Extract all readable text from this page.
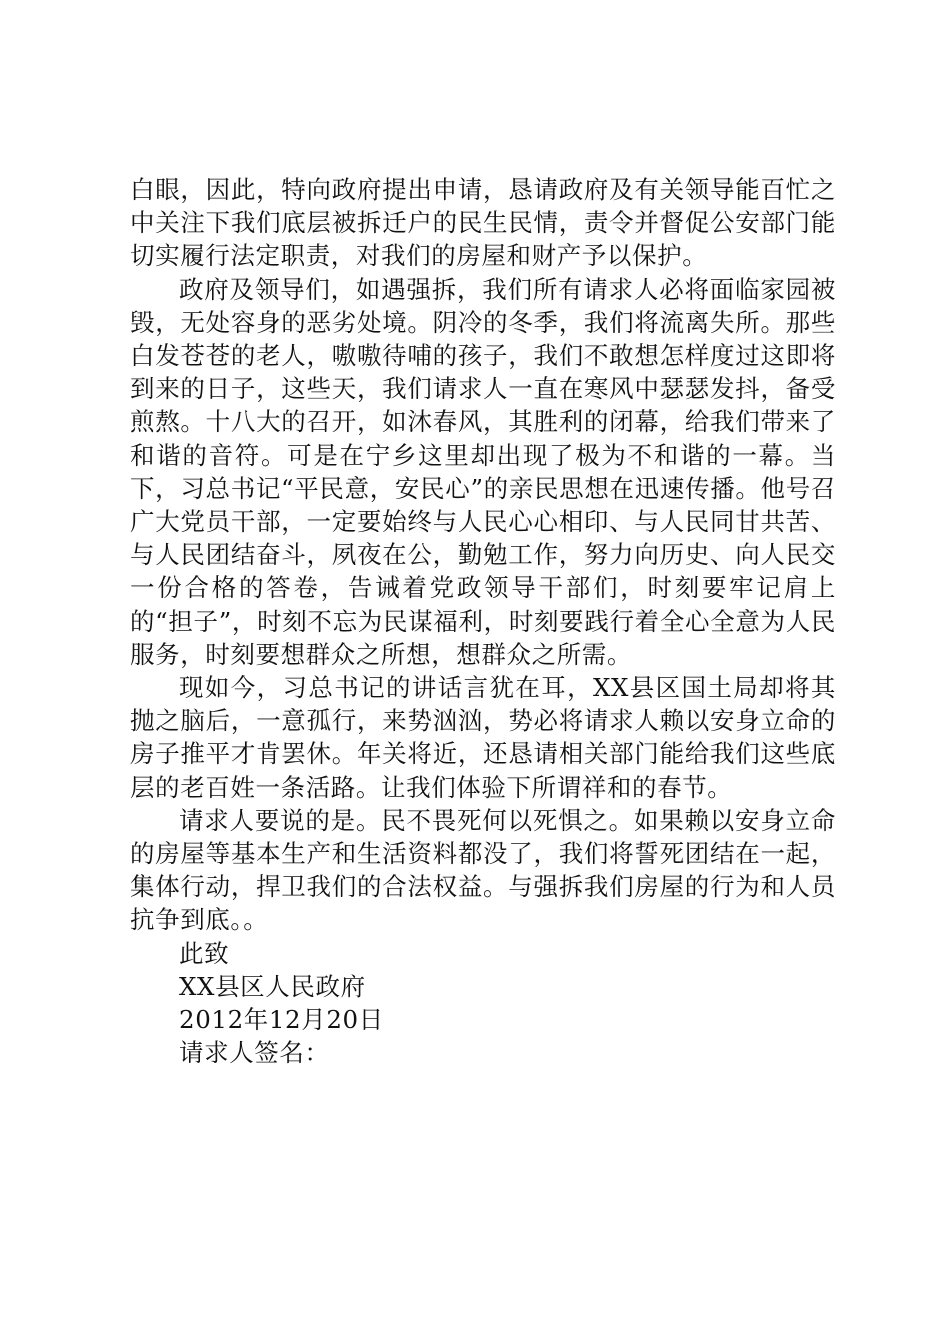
白眼，因此，特向政府提出申请，恳请政府及有关领导能百忙之中关注下我们底层被拆迁户的民生民情，责令并督促公安部门能切实履行法定职责，对我们的房屋和财产予以保护。

政府及领导们，如遇强拆，我们所有请求人必将面临家园被毁，无处容身的恶劣处境。阴冷的冬季，我们将流离失所。那些白发苍苍的老人，嗷嗷待哺的孩子，我们不敢想怎样度过这即将到来的日子，这些天，我们请求人一直在寒风中瑟瑟发抖，备受煎熬。十八大的召开，如沐春风，其胜利的闭幕，给我们带来了和谐的音符。可是在宁乡这里却出现了极为不和谐的一幕。当下，习总书记“平民意，安民心”的亲民思想在迅速传播。他号召广大党员干部，一定要始终与人民心心相印、与人民同甘共苦、与人民团结奋斗，夙夜在公，勤勉工作，努力向历史、向人民交一份合格的答卷，告诫着党政领导干部们，时刻要牢记肩上的“担子”，时刻不忘为民谋福利，时刻要践行着全心全意为人民服务，时刻要想群众之所想，想群众之所需。

现如今，习总书记的讲话言犹在耳，XX县区国土局却将其抛之脑后，一意孤行，来势汹汹，势必将请求人赖以安身立命的房子推平才肯罢休。年关将近，还恳请相关部门能给我们这些底层的老百姓一条活路。让我们体验下所谓祥和的春节。

请求人要说的是。民不畏死何以死惧之。如果赖以安身立命的房屋等基本生产和生活资料都没了，我们将誓死团结在一起，集体行动，捍卫我们的合法权益。与强拆我们房屋的行为和人员抗争到底。。

此致

XX县区人民政府

2012年12月20日

请求人签名：
